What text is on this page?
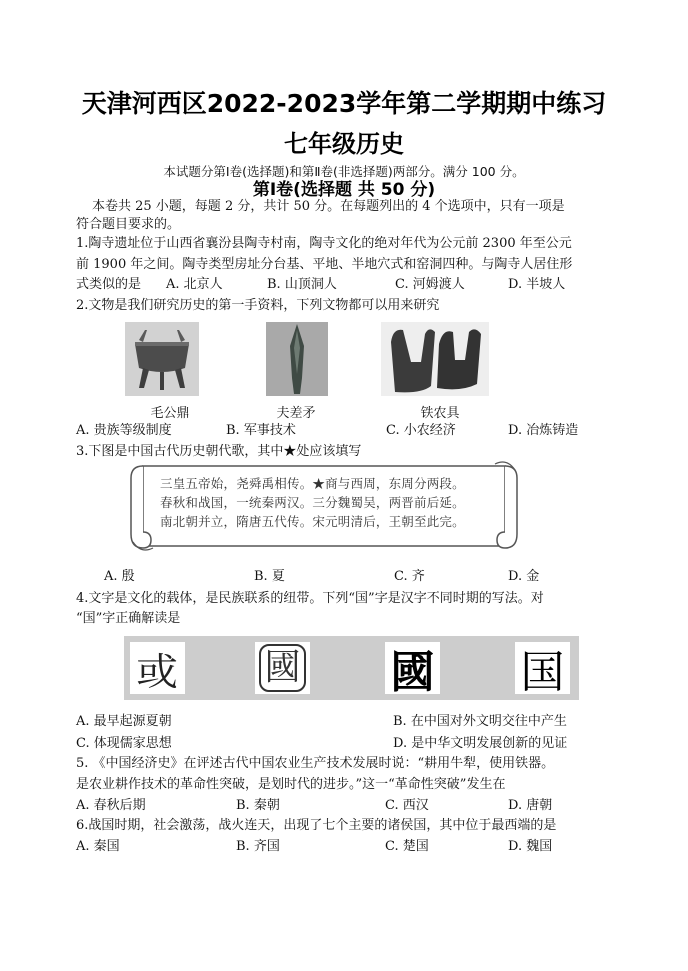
天津河西区2022-2023学年第二学期期中练习
七年级历史
本试题分第Ⅰ卷(选择题)和第Ⅱ卷(非选择题)两部分。满分 100 分。
第Ⅰ卷(选择题 共 50 分)
本卷共 25 小题，每题 2 分，共计 50 分。在每题列出的 4 个选项中，只有一项是
符合题目要求的。
1.陶寺遗址位于山西省襄汾县陶寺村南，陶寺文化的绝对年代为公元前 2300 年至公元
前 1900 年之间。陶寺类型房址分台基、平地、半地穴式和窑洞四种。与陶寺人居住形
式类似的是 A. 北京人	B. 山顶洞人	C. 河姆渡人	D. 半坡人
2.文物是我们研究历史的第一手资料，下列文物都可以用来研究
毛公鼎	夫差矛	铁农具
A. 贵族等级制度	B. 军事技术	C. 小农经济	D. 冶炼铸造
3.下图是中国古代历史朝代歌，其中★处应该填写
三皇五帝始，尧舜禹相传。★商与西周，东周分两段。
春秋和战国，一统秦两汉。三分魏蜀吴，两晋前后延。
南北朝并立，隋唐五代传。宋元明清后，王朝至此完。
A. 殷	B. 夏	C. 齐	D. 金
4.文字是文化的载体，是民族联系的纽带。下列“国”字是汉字不同时期的写法。对
“国”字正确解读是
或 國 國 国
A. 最早起源夏朝	B. 在中国对外文明交往中产生
C. 体现儒家思想	D. 是中华文明发展创新的见证
5. 《中国经济史》在评述古代中国农业生产技术发展时说：“耕用牛犁，使用铁器。
是农业耕作技术的革命性突破，是划时代的进步。”这一“革命性突破”发生在
A. 春秋后期	B. 秦朝	C. 西汉	D. 唐朝
6.战国时期，社会激荡，战火连天，出现了七个主要的诸侯国，其中位于最西端的是
A. 秦国	B. 齐国	C. 楚国	D. 魏国
